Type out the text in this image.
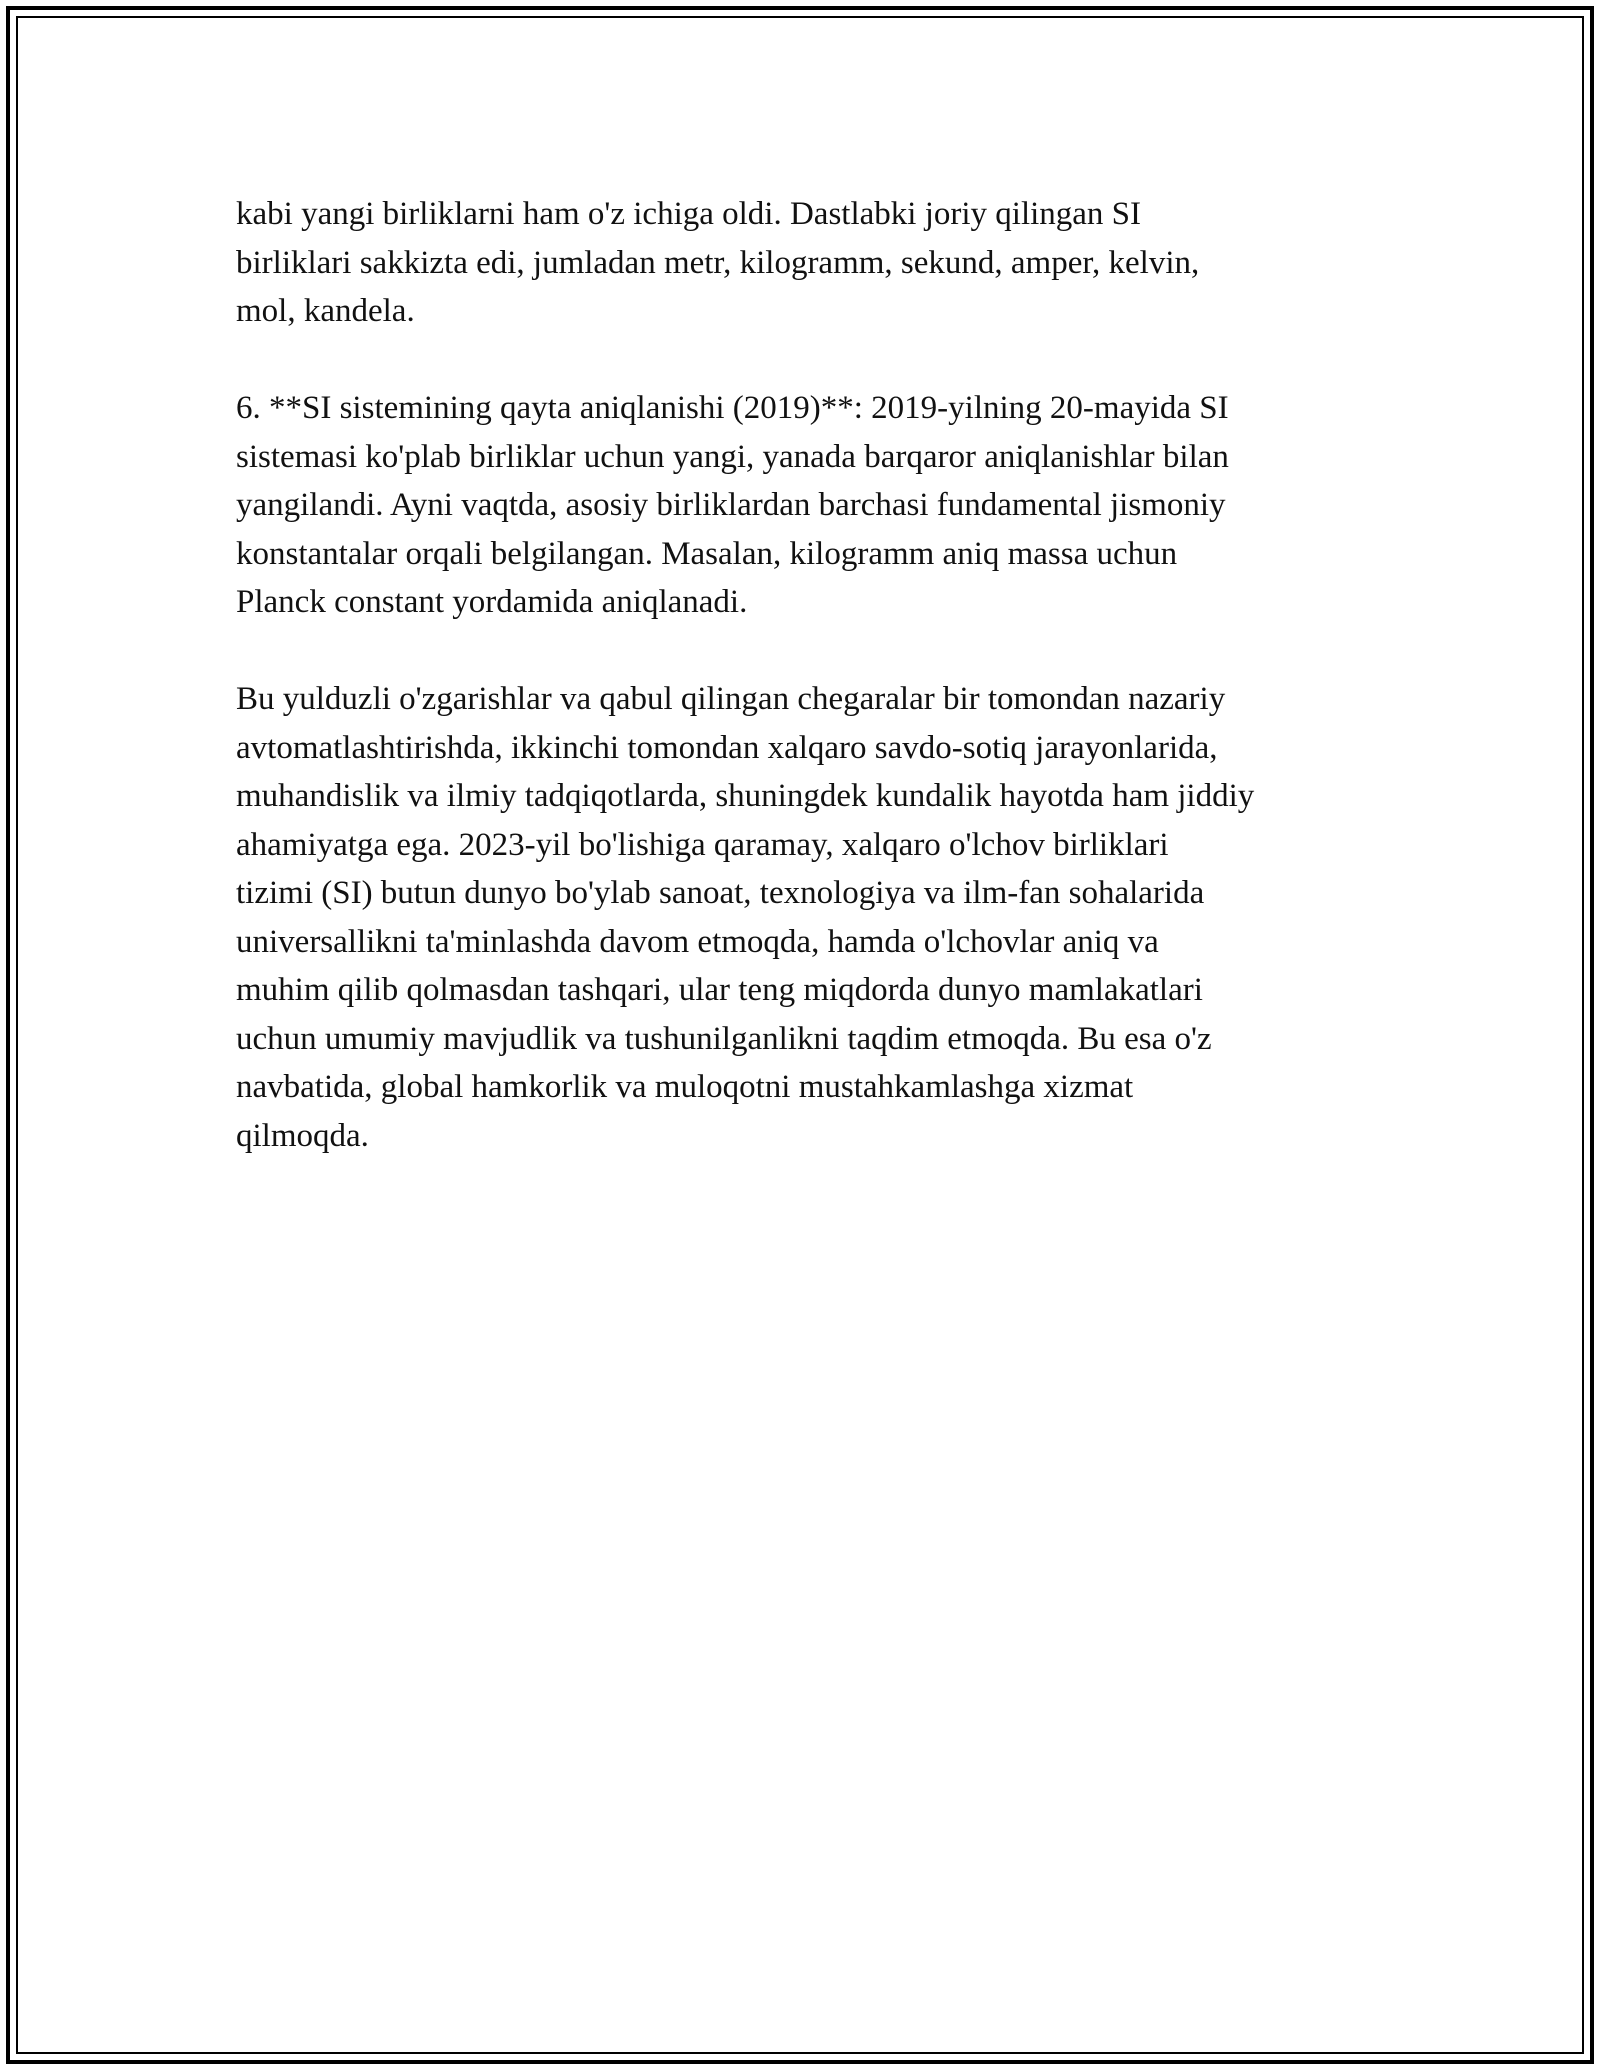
kabi yangi birliklarni ham o'z ichiga oldi. Dastlabki joriy qilingan SI
birliklari sakkizta edi, jumladan metr, kilogramm, sekund, amper, kelvin,
mol, kandela.

6. **SI sistemining qayta aniqlanishi (2019)**: 2019-yilning 20-mayida SI
sistemasi ko'plab birliklar uchun yangi, yanada barqaror aniqlanishlar bilan
yangilandi. Ayni vaqtda, asosiy birliklardan barchasi fundamental jismoniy
konstantalar orqali belgilangan. Masalan, kilogramm aniq massa uchun
Planck constant yordamida aniqlanadi.

Bu yulduzli o'zgarishlar va qabul qilingan chegaralar bir tomondan nazariy
avtomatlashtirishda, ikkinchi tomondan xalqaro savdo-sotiq jarayonlarida,
muhandislik va ilmiy tadqiqotlarda, shuningdek kundalik hayotda ham jiddiy
ahamiyatga ega. 2023-yil bo'lishiga qaramay, xalqaro o'lchov birliklari
tizimi (SI) butun dunyo bo'ylab sanoat, texnologiya va ilm-fan sohalarida
universallikni ta'minlashda davom etmoqda, hamda o'lchovlar aniq va
muhim qilib qolmasdan tashqari, ular teng miqdorda dunyo mamlakatlari
uchun umumiy mavjudlik va tushunilganlikni taqdim etmoqda. Bu esa o'z
navbatida, global hamkorlik va muloqotni mustahkamlashga xizmat
qilmoqda.
